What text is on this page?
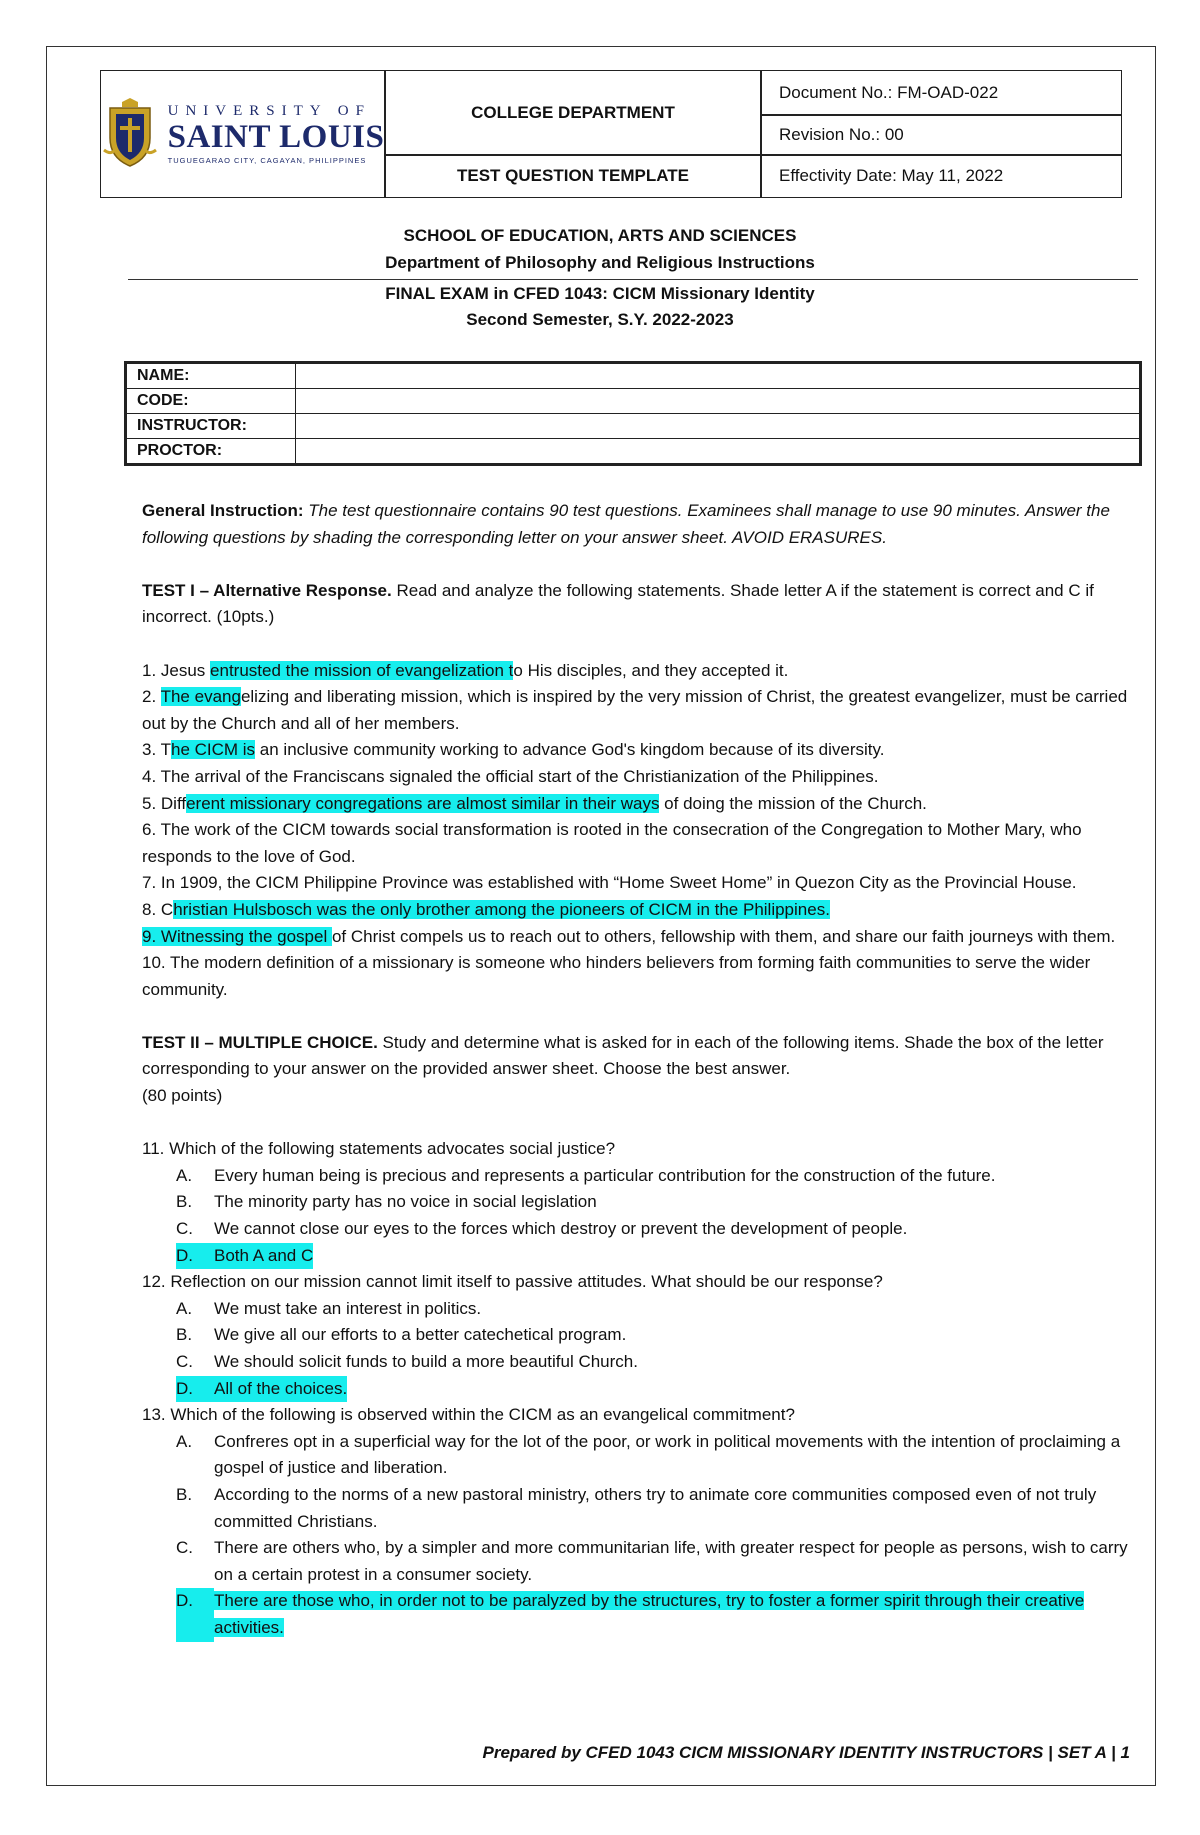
UNIVERSITY OF
SAINT LOUIS
TUGUEGARAO CITY, CAGAYAN, PHILIPPINES
COLLEGE DEPARTMENT
TEST QUESTION TEMPLATE
Document No.: FM-OAD-022
Revision No.: 00
Effectivity Date: May 11, 2022
SCHOOL OF EDUCATION, ARTS AND SCIENCES
Department of Philosophy and Religious Instructions
FINAL EXAM in CFED 1043: CICM Missionary Identity
Second Semester, S.Y. 2022-2023
NAME:	
CODE:	
INSTRUCTOR:	
PROCTOR:	

General Instruction: The test questionnaire contains 90 test questions. Examinees shall manage to use 90 minutes. Answer the following questions by shading the corresponding letter on your answer sheet. AVOID ERASURES.

TEST I – Alternative Response. Read and analyze the following statements. Shade letter A if the statement is correct and C if incorrect. (10pts.)

1. Jesus entrusted the mission of evangelization to His disciples, and they accepted it.

2. The evangelizing and liberating mission, which is inspired by the very mission of Christ, the greatest evangelizer, must be carried out by the Church and all of her members.

3. The CICM is an inclusive community working to advance God's kingdom because of its diversity.

4. The arrival of the Franciscans signaled the official start of the Christianization of the Philippines.

5. Different missionary congregations are almost similar in their ways of doing the mission of the Church.

6. The work of the CICM towards social transformation is rooted in the consecration of the Congregation to Mother Mary, who responds to the love of God.

7. In 1909, the CICM Philippine Province was established with “Home Sweet Home” in Quezon City as the Provincial House.

8. Christian Hulsbosch was the only brother among the pioneers of CICM in the Philippines.

9. Witnessing the gospel of Christ compels us to reach out to others, fellowship with them, and share our faith journeys with them.

10. The modern definition of a missionary is someone who hinders believers from forming faith communities to serve the wider community.

TEST II – MULTIPLE CHOICE. Study and determine what is asked for in each of the following items. Shade the box of the letter corresponding to your answer on the provided answer sheet. Choose the best answer.

(80 points)

11. Which of the following statements advocates social justice?

A.	Every human being is precious and represents a particular contribution for the construction of the future.
B.	The minority party has no voice in social legislation
C.	We cannot close our eyes to the forces which destroy or prevent the development of people.
D. Both A and C

12. Reflection on our mission cannot limit itself to passive attitudes. What should be our response?

A.	We must take an interest in politics.
B.	We give all our efforts to a better catechetical program.
C.	We should solicit funds to build a more beautiful Church.
D. All of the choices.

13. Which of the following is observed within the CICM as an evangelical commitment?

A.	Confreres opt in a superficial way for the lot of the poor, or work in political movements with the intention of proclaiming a gospel of justice and liberation.
B.	According to the norms of a new pastoral ministry, others try to animate core communities composed even of not truly committed Christians.
C.	There are others who, by a simpler and more communitarian life, with greater respect for people as persons, wish to carry on a certain protest in a consumer society.
D.	There are those who, in order not to be paralyzed by the structures, try to foster a former spirit through their creative activities.
Prepared by CFED 1043 CICM MISSIONARY IDENTITY INSTRUCTORS | SET A | 1
